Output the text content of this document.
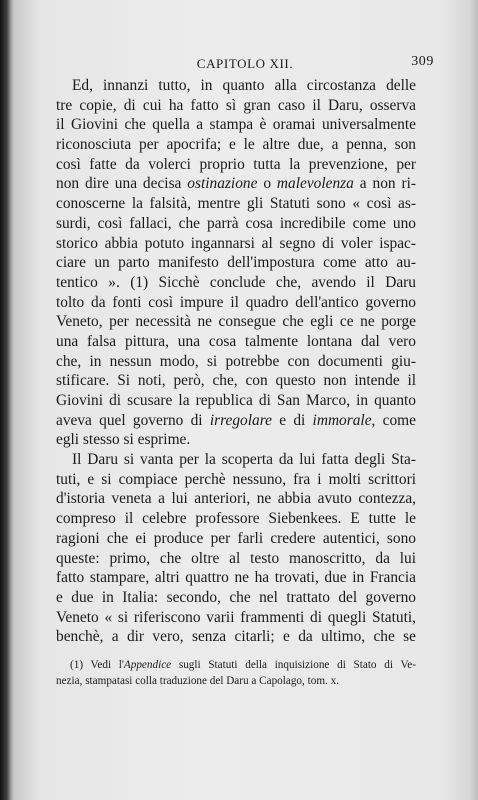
CAPITOLO XII.	309
Ed, innanzi tutto, in quanto alla circostanza delle
tre copie, di cui ha fatto sì gran caso il Daru, osserva
il Giovini che quella a stampa è oramai universalmente
riconosciuta per apocrifa; e le altre due, a penna, son
così fatte da volerci proprio tutta la prevenzione, per
non dire una decisa ostinazione o malevolenza a non ri-
conoscerne la falsità, mentre gli Statuti sono « così as-
surdi, così fallaci, che parrà cosa incredibile come uno
storico abbia potuto ingannarsi al segno di voler ispac-
ciare un parto manifesto dell'impostura come atto au-
tentico ». (1) Sicchè conclude che, avendo il Daru
tolto da fonti così impure il quadro dell'antico governo
Veneto, per necessità ne consegue che egli ce ne porge
una falsa pittura, una cosa talmente lontana dal vero
che, in nessun modo, si potrebbe con documenti giu-
stificare. Si noti, però, che, con questo non intende il
Giovini di scusare la republica di San Marco, in quanto
aveva quel governo di irregolare e di immorale, come
egli stesso si esprime.
Il Daru si vanta per la scoperta da lui fatta degli Sta-
tuti, e si compiace perchè nessuno, fra i molti scrittori
d'istoria veneta a lui anteriori, ne abbia avuto contezza,
compreso il celebre professore Siebenkees. E tutte le
ragioni che ei produce per farli credere autentici, sono
queste: primo, che oltre al testo manoscritto, da lui
fatto stampare, altri quattro ne ha trovati, due in Francia
e due in Italia: secondo, che nel trattato del governo
Veneto « si riferiscono varii frammenti di quegli Statuti,
benchè, a dir vero, senza citarli; e da ultimo, che se
(1) Vedi l'Appendice sugli Statuti della inquisizione di Stato di Ve-
nezia, stampatasi colla traduzione del Daru a Capolago, tom. x.
